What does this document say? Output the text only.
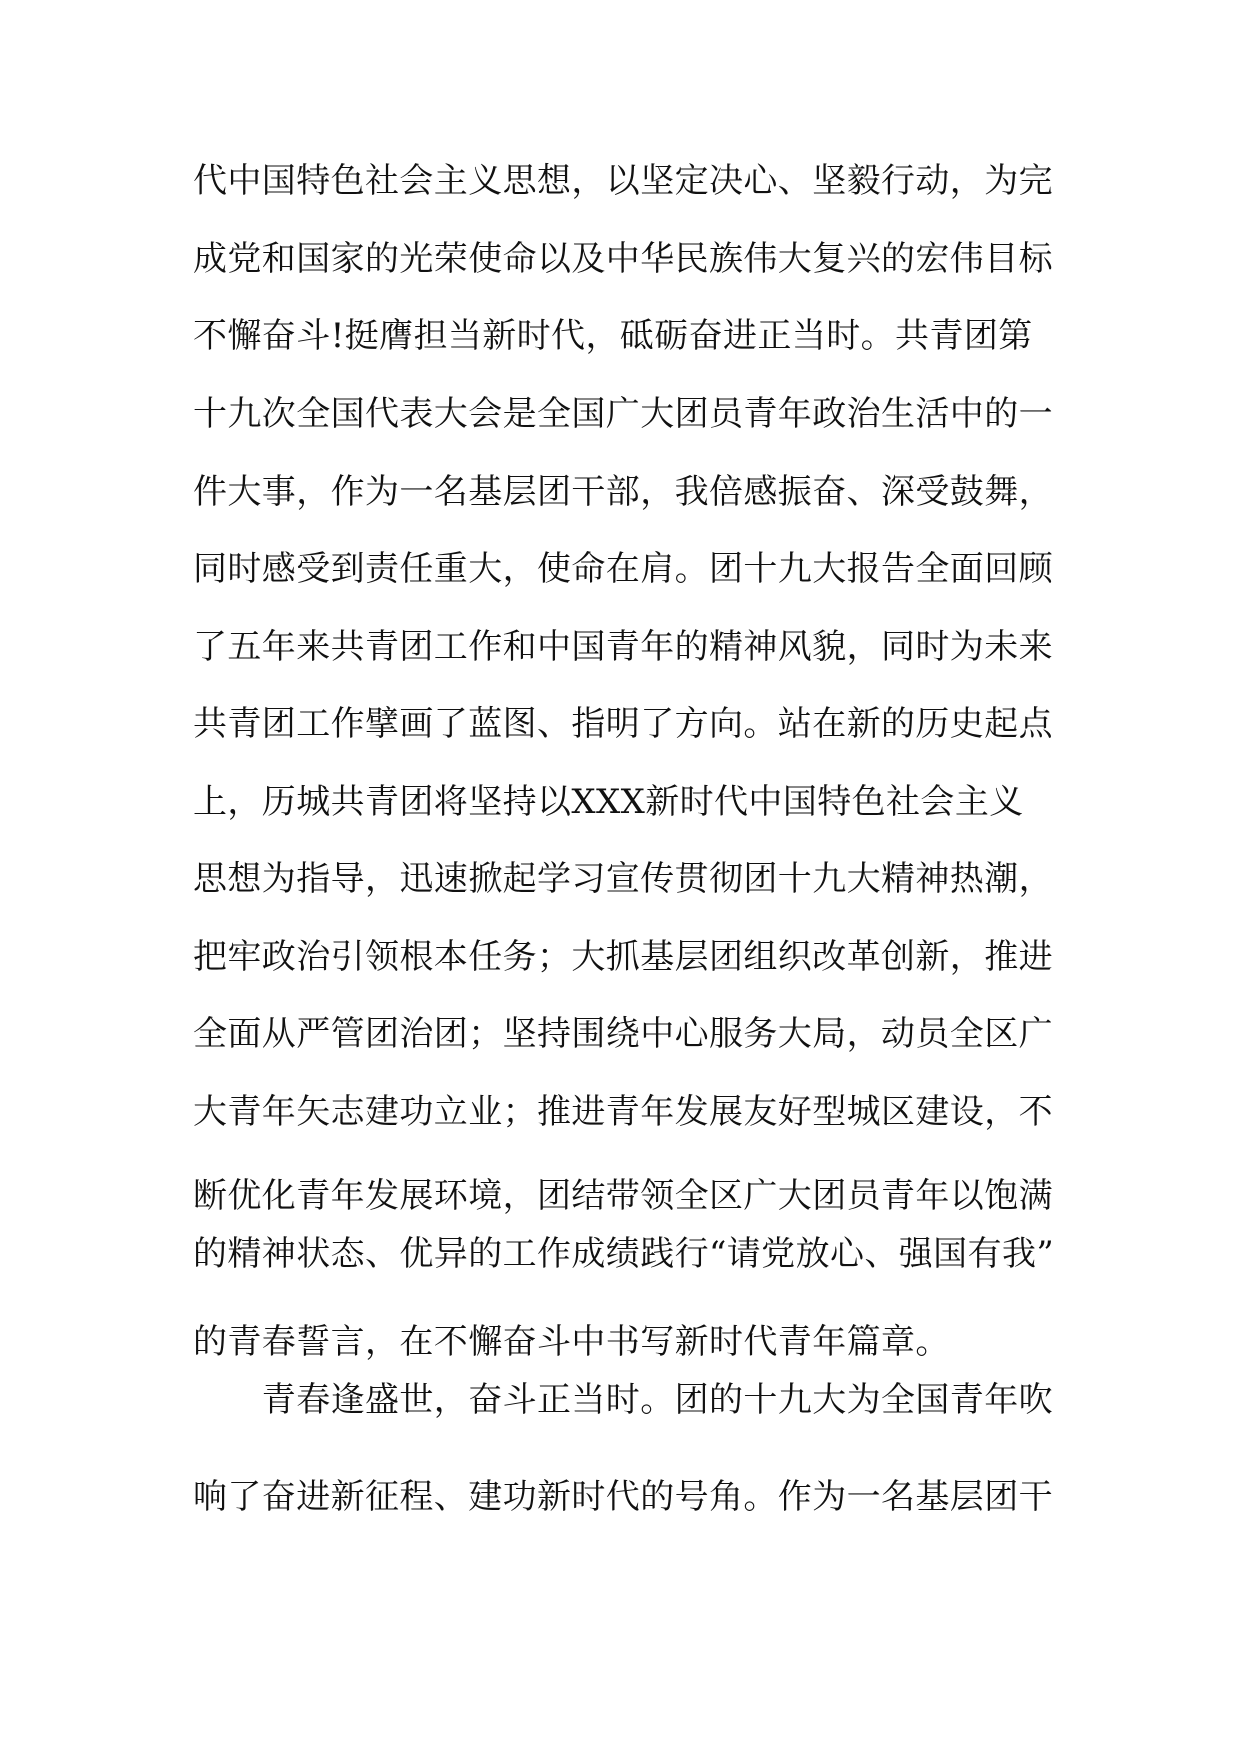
代中国特色社会主义思想，以坚定决心、坚毅行动，为完
成党和国家的光荣使命以及中华民族伟大复兴的宏伟目标
不懈奋斗!挺膺担当新时代，砥砺奋进正当时。共青团第
十九次全国代表大会是全国广大团员青年政治生活中的一
件大事，作为一名基层团干部，我倍感振奋、深受鼓舞，
同时感受到责任重大，使命在肩。团十九大报告全面回顾
了五年来共青团工作和中国青年的精神风貌，同时为未来
共青团工作擘画了蓝图、指明了方向。站在新的历史起点
上，历城共青团将坚持以XXX新时代中国特色社会主义
思想为指导，迅速掀起学习宣传贯彻团十九大精神热潮，
把牢政治引领根本任务；大抓基层团组织改革创新，推进
全面从严管团治团；坚持围绕中心服务大局，动员全区广
大青年矢志建功立业；推进青年发展友好型城区建设，不
断优化青年发展环境，团结带领全区广大团员青年以饱满
的精神状态、优异的工作成绩践行“请党放心、强国有我”
的青春誓言，在不懈奋斗中书写新时代青年篇章。
　　青春逢盛世，奋斗正当时。团的十九大为全国青年吹
响了奋进新征程、建功新时代的号角。作为一名基层团干
